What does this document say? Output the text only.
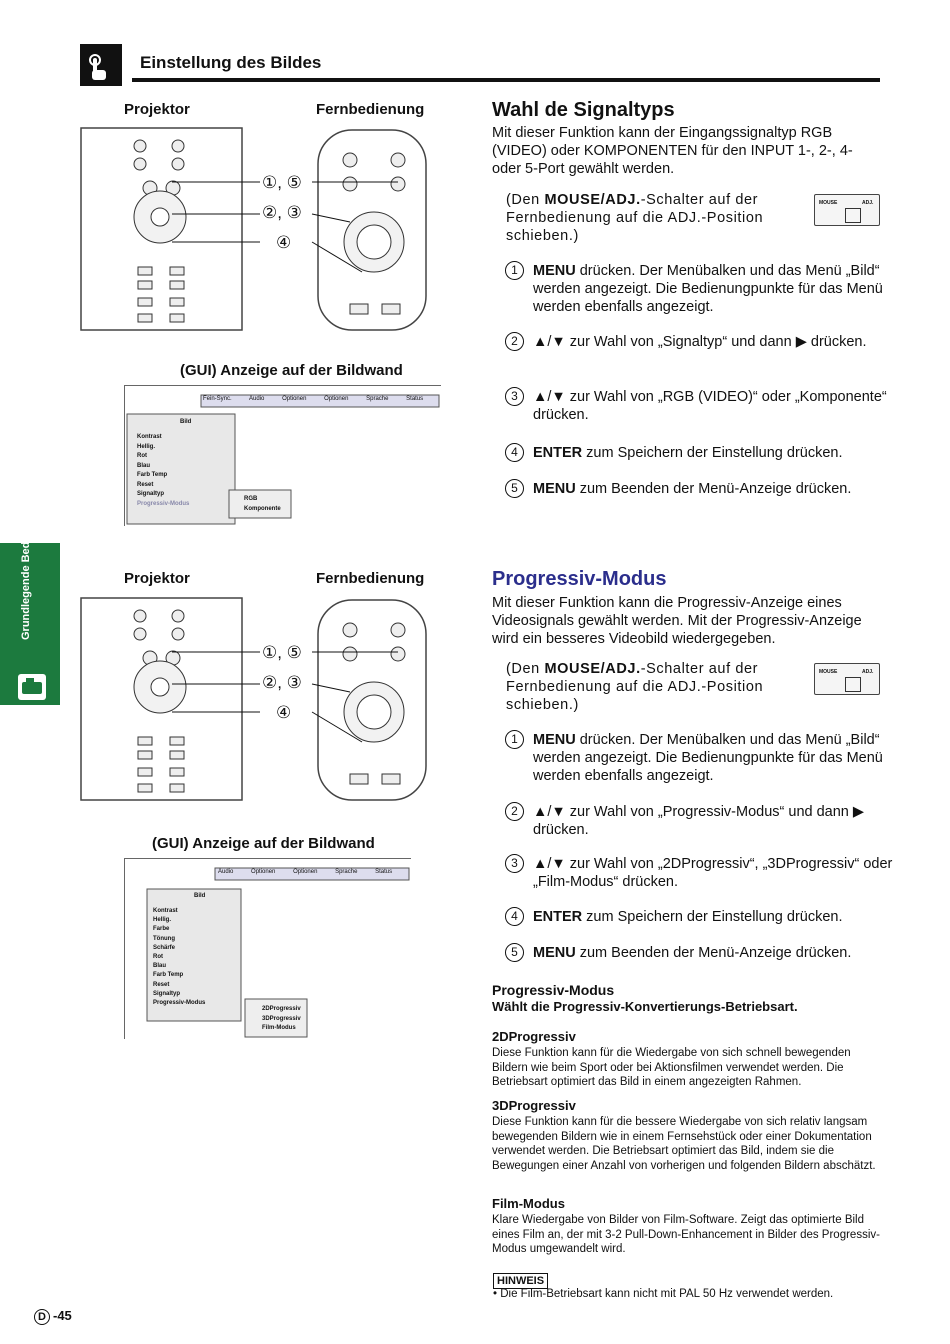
Einstellung des Bildes
Grundlegende Bedienung
Projektor	Fernbedienung
①, ⑤
②, ③
④
(GUI) Anzeige auf der Bildwand
Fein-Sync.	Audio	Optionen	Optionen	Sprache	Status
Bild
Kontrast
Hellig.
Rot
Blau
Farb Temp
Reset
Signaltyp
Progressiv-Modus
RGB
Komponente
Wahl de Signaltyps
Mit dieser Funktion kann der Eingangssignaltyp RGB (VIDEO) oder KOMPONENTEN für den INPUT 1-, 2-, 4- oder 5-Port gewählt werden.
(Den MOUSE/ADJ.-Schalter auf der Fernbedienung auf die ADJ.-Position schieben.)
MOUSE	ADJ.
1	MENU drücken. Der Menübalken und das Menü „Bild“ werden angezeigt. Die Bedienungpunkte für das Menü werden ebenfalls angezeigt.
2	▲/▼ zur Wahl von „Signaltyp“ und dann ▶ drücken.
3	▲/▼ zur Wahl von „RGB (VIDEO)“ oder „Komponente“ drücken.
4	ENTER zum Speichern der Einstellung drücken.
5	MENU zum Beenden der Menü-Anzeige drücken.
Projektor	Fernbedienung
①, ⑤
②, ③
④
(GUI) Anzeige auf der Bildwand
Audio	Optionen	Optionen	Sprache	Status
Bild
Kontrast
Hellig.
Farbe
Tönung
Schärfe
Rot
Blau
Farb Temp
Reset
Signaltyp
Progressiv-Modus
2DProgressiv
3DProgressiv
Film-Modus
Progressiv-Modus
Mit dieser Funktion kann die Progressiv-Anzeige eines Videosignals gewählt werden. Mit der Progressiv-Anzeige wird ein besseres Videobild wiedergegeben.
(Den MOUSE/ADJ.-Schalter auf der Fernbedienung auf die ADJ.-Position schieben.)
MOUSE	ADJ.
1	MENU drücken. Der Menübalken und das Menü „Bild“ werden angezeigt. Die Bedienungpunkte für das Menü werden ebenfalls angezeigt.
2	▲/▼ zur Wahl von „Progressiv-Modus“ und dann ▶ drücken.
3	▲/▼ zur Wahl von „2DProgressiv“, „3DProgressiv“ oder „Film-Modus“ drücken.
4	ENTER zum Speichern der Einstellung drücken.
5	MENU zum Beenden der Menü-Anzeige drücken.
Progressiv-Modus
Wählt die Progressiv-Konvertierungs-Betriebsart.
2DProgressiv
Diese Funktion kann für die Wiedergabe von sich schnell bewegenden Bildern wie beim Sport oder bei Aktionsfilmen verwendet werden. Die Betriebsart optimiert das Bild in einem angezeigten Rahmen.
3DProgressiv
Diese Funktion kann für die bessere Wiedergabe von sich relativ langsam bewegenden Bildern wie in einem Fernsehstück oder einer Dokumentation verwendet werden. Die Betriebsart optimiert das Bild, indem sie die Bewegungen einer Anzahl von vorherigen und folgenden Bildern abschätzt.
Film-Modus
Klare Wiedergabe von Bilder von Film-Software. Zeigt das optimierte Bild eines Film an, der mit 3-2 Pull-Down-Enhancement in Bilder des Progressiv-Modus umgewandelt wird.
HINWEIS
• Die Film-Betriebsart kann nicht mit PAL 50 Hz verwendet werden.
D -45
